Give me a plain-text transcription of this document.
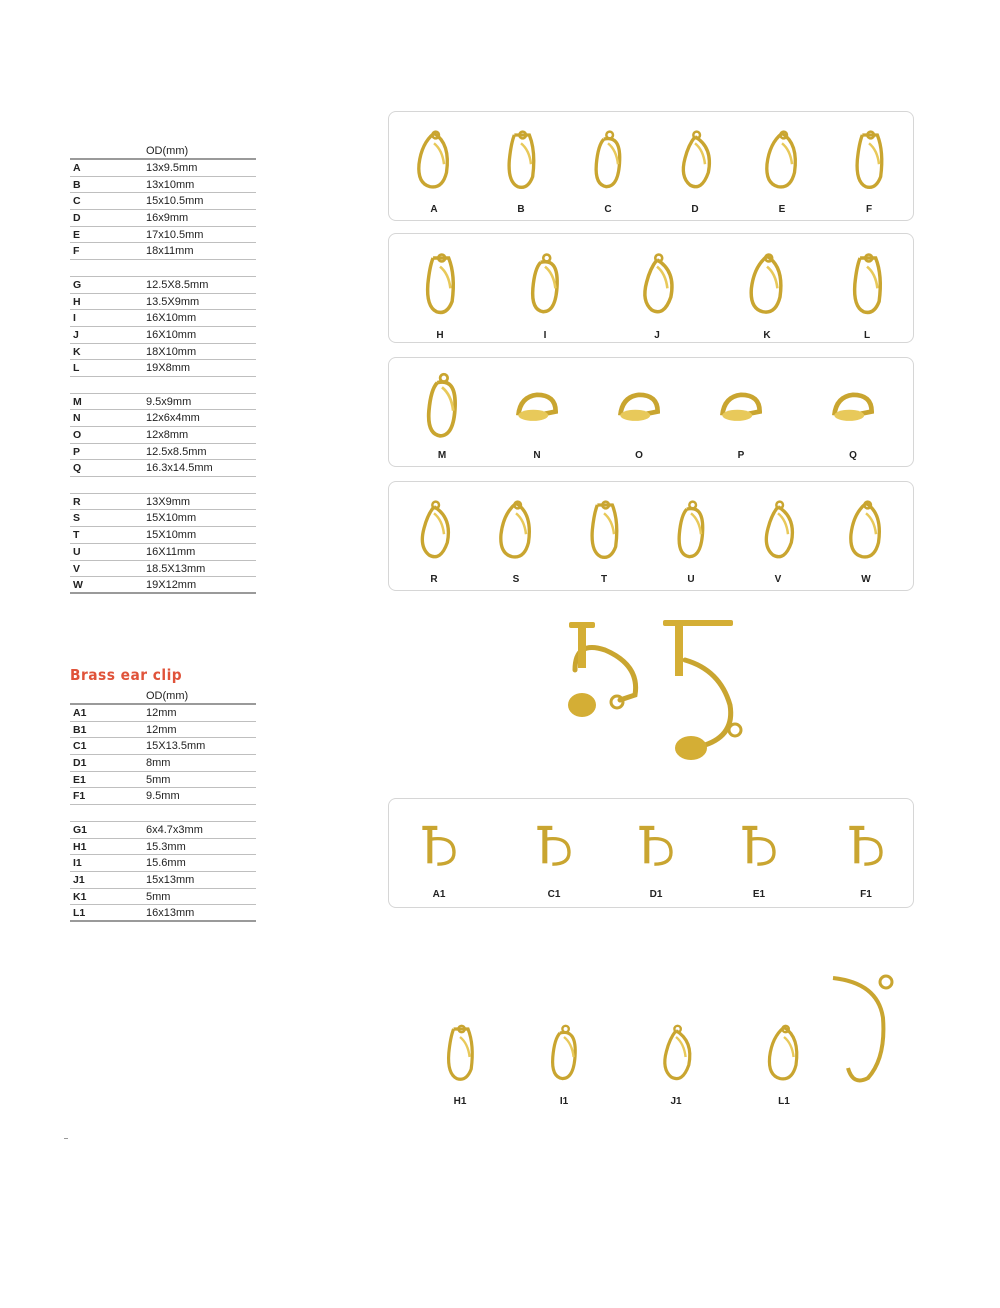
OD(mm)
A	13x9.5mm
B	13x10mm
C	15x10.5mm
D	16x9mm
E	17x10.5mm
F	18x11mm
G	12.5X8.5mm
H	13.5X9mm
I	16X10mm
J	16X10mm
K	18X10mm
L	19X8mm
M	9.5x9mm
N	12x6x4mm
O	12x8mm
P	12.5x8.5mm
Q	16.3x14.5mm
R	13X9mm
S	15X10mm
T	15X10mm
U	16X11mm
V	18.5X13mm
W	19X12mm
Brass ear clip
OD(mm)
A1	12mm
B1	12mm
C1	15X13.5mm
D1	8mm
E1	5mm
F1	9.5mm
G1	6x4.7x3mm
H1	15.3mm
I1	15.6mm
J1	15x13mm
K1	5mm
L1	16x13mm
A	B	C	D	E	F
H	I	J	K	L
M	N	O	P	Q
R	S	T	U	V	W
A1	C1	D1	E1	F1
H1	I1	J1	L1
